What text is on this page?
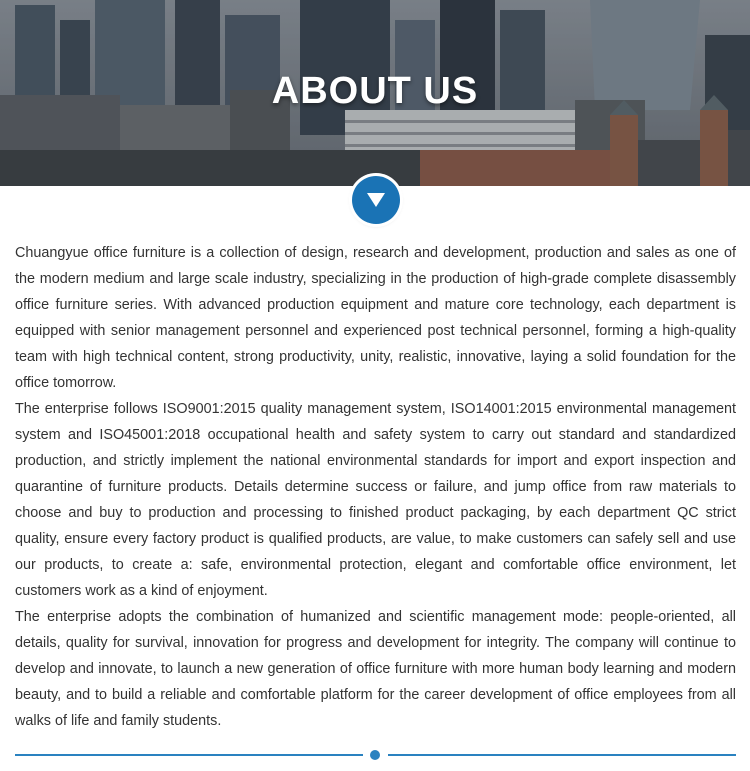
ABOUT US

Chuangyue office furniture is a collection of design, research and development, production and sales as one of the modern medium and large scale industry, specializing in the production of high-grade complete disassembly office furniture series. With advanced production equipment and mature core technology, each department is equipped with senior management personnel and experienced post technical personnel, forming a high-quality team with high technical content, strong productivity, unity, realistic, innovative, laying a solid foundation for the office tomorrow.

The enterprise follows ISO9001:2015 quality management system, ISO14001:2015 environmental management system and ISO45001:2018 occupational health and safety system to carry out standard and standardized production, and strictly implement the national environmental standards for import and export inspection and quarantine of furniture products. Details determine success or failure, and jump office from raw materials to choose and buy to production and processing to finished product packaging, by each department QC strict quality, ensure every factory product is qualified products, are value, to make customers can safely sell and use our products, to create a: safe, environmental protection, elegant and comfortable office environment, let customers work as a kind of enjoyment.

The enterprise adopts the combination of humanized and scientific management mode: people-oriented, all details, quality for survival, innovation for progress and development for integrity. The company will continue to develop and innovate, to launch a new generation of office furniture with more human body learning and modern beauty, and to build a reliable and comfortable platform for the career development of office employees from all walks of life and family students.
